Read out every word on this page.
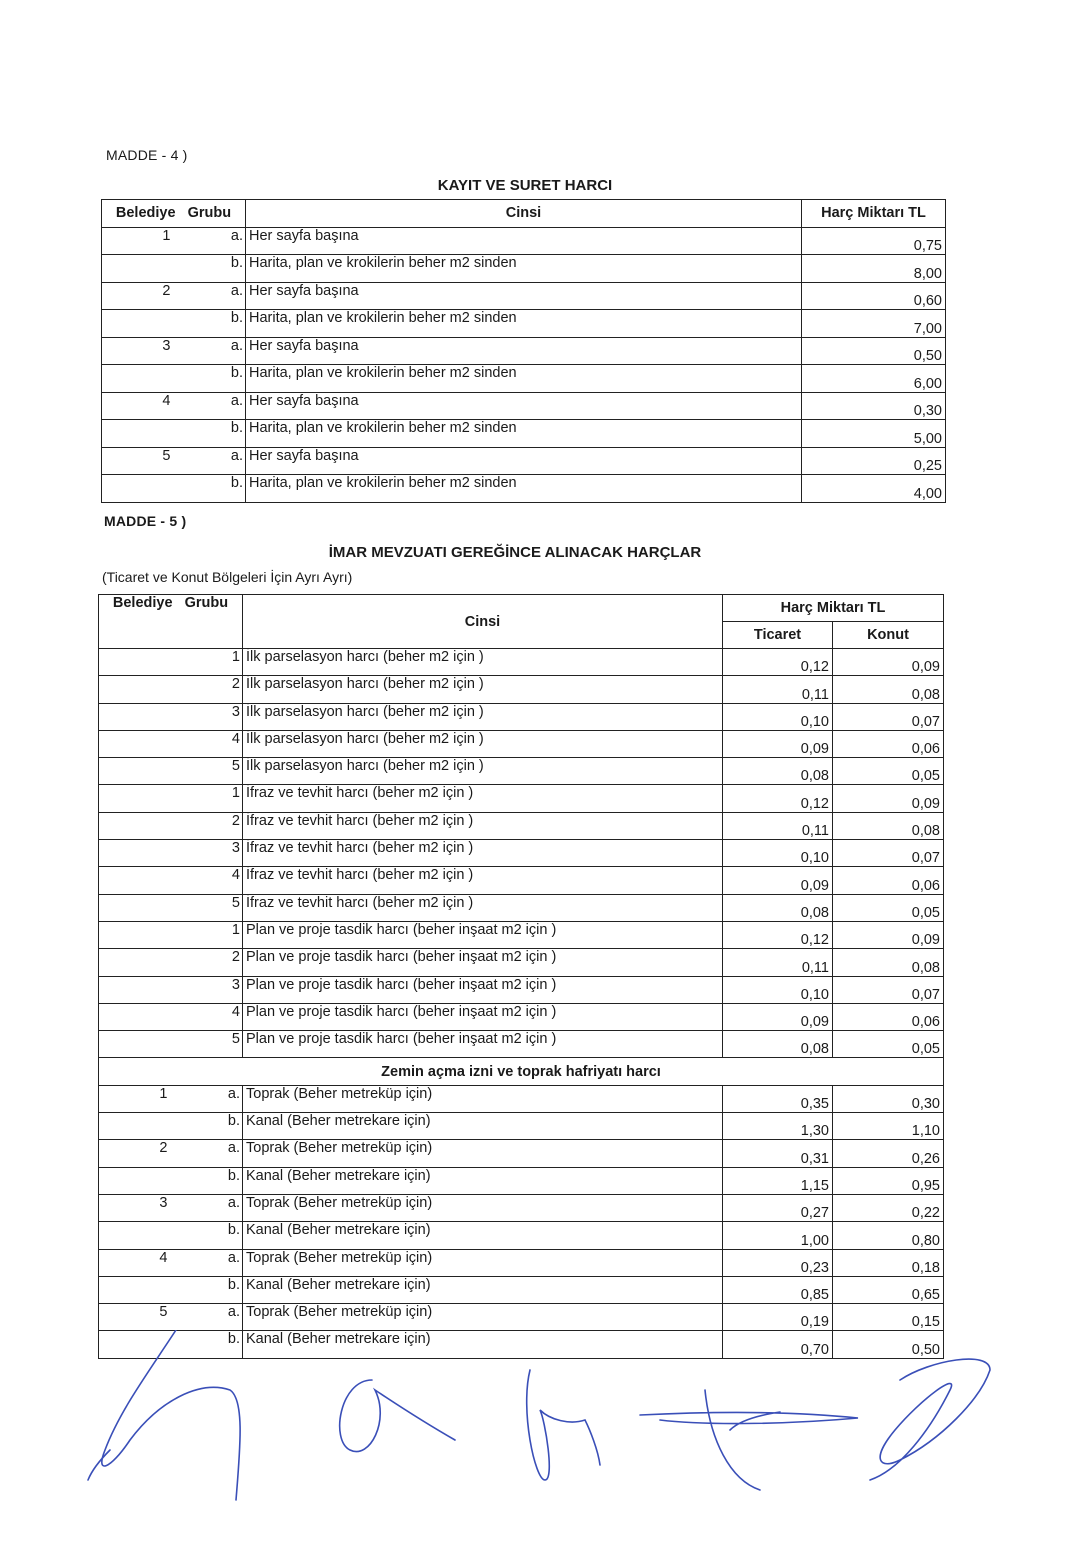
MADDE - 4 )
KAYIT VE SURET HARCI
Belediye Grubu	Cinsi	Harç Miktarı TL

1 a.	Her sayfa başına	0,75

b.	Harita, plan ve krokilerin beher m2 sinden	8,00

2 a.	Her sayfa başına	0,60

b.	Harita, plan ve krokilerin beher m2 sinden	7,00

3 a.	Her sayfa başına	0,50

b.	Harita, plan ve krokilerin beher m2 sinden	6,00

4 a.	Her sayfa başına	0,30

b.	Harita, plan ve krokilerin beher m2 sinden	5,00

5 a.	Her sayfa başına	0,25

b.	Harita, plan ve krokilerin beher m2 sinden	4,00
MADDE - 5 )
İMAR MEVZUATI GEREĞİNCE ALINACAK HARÇLAR
(Ticaret ve Konut Bölgeleri İçin Ayrı Ayrı)
Belediye Grubu	Cinsi	Harç Miktarı TL	
		Ticaret	Konut

1	İlk parselasyon harcı (beher m2 için )	0,12	0,09

2	İlk parselasyon harcı (beher m2 için )	0,11	0,08

3	İlk parselasyon harcı (beher m2 için )	0,10	0,07

4	İlk parselasyon harcı (beher m2 için )	0,09	0,06

5	İlk parselasyon harcı (beher m2 için )	0,08	0,05

1	İfraz ve tevhit harcı (beher m2 için )	0,12	0,09

2	İfraz ve tevhit harcı (beher m2 için )	0,11	0,08

3	İfraz ve tevhit harcı (beher m2 için )	0,10	0,07

4	İfraz ve tevhit harcı (beher m2 için )	0,09	0,06

5	İfraz ve tevhit harcı (beher m2 için )	0,08	0,05

1	Plan ve proje tasdik harcı (beher inşaat m2 için )	0,12	0,09

2	Plan ve proje tasdik harcı (beher inşaat m2 için )	0,11	0,08

3	Plan ve proje tasdik harcı (beher inşaat m2 için )	0,10	0,07

4	Plan ve proje tasdik harcı (beher inşaat m2 için )	0,09	0,06

5	Plan ve proje tasdik harcı (beher inşaat m2 için )	0,08	0,05
Zemin açma izni ve toprak hafriyatı harcı			

1 a.	Toprak (Beher metreküp için)	0,35	0,30

b.	Kanal (Beher metrekare için)	1,30	1,10

2 a.	Toprak (Beher metreküp için)	0,31	0,26

b.	Kanal (Beher metrekare için)	1,15	0,95

3 a.	Toprak (Beher metreküp için)	0,27	0,22

b.	Kanal (Beher metrekare için)	1,00	0,80

4 a.	Toprak (Beher metreküp için)	0,23	0,18

b.	Kanal (Beher metrekare için)	0,85	0,65

5 a.	Toprak (Beher metreküp için)	0,19	0,15

b.	Kanal (Beher metrekare için)	0,70	0,50
